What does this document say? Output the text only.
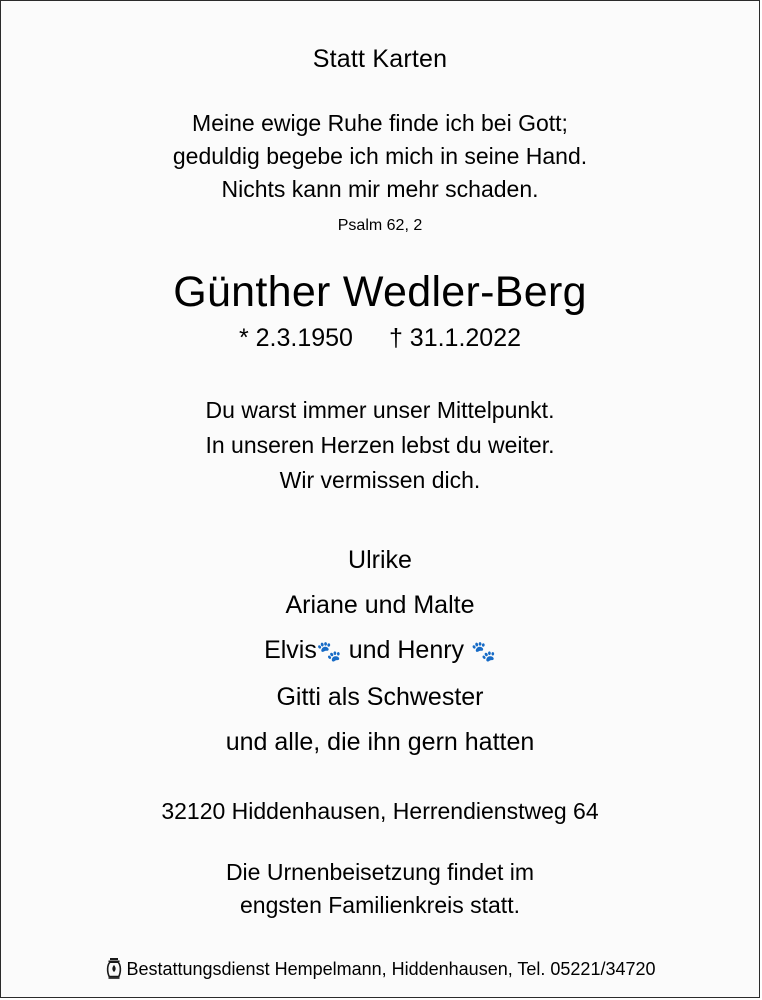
Statt Karten
Meine ewige Ruhe finde ich bei Gott;
geduldig begebe ich mich in seine Hand.
Nichts kann mir mehr schaden.
Psalm 62, 2
Günther Wedler-Berg
* 2.3.1950 † 31.1.2022
Du warst immer unser Mittelpunkt.
In unseren Herzen lebst du weiter.
Wir vermissen dich.
Ulrike
Ariane und Malte
Elvis🐾 und Henry 🐾
Gitti als Schwester
und alle, die ihn gern hatten
32120 Hiddenhausen, Herrendienstweg 64
Die Urnenbeisetzung findet im
engsten Familienkreis statt.
Bestattungsdienst Hempelmann, Hiddenhausen, Tel. 05221/34720
